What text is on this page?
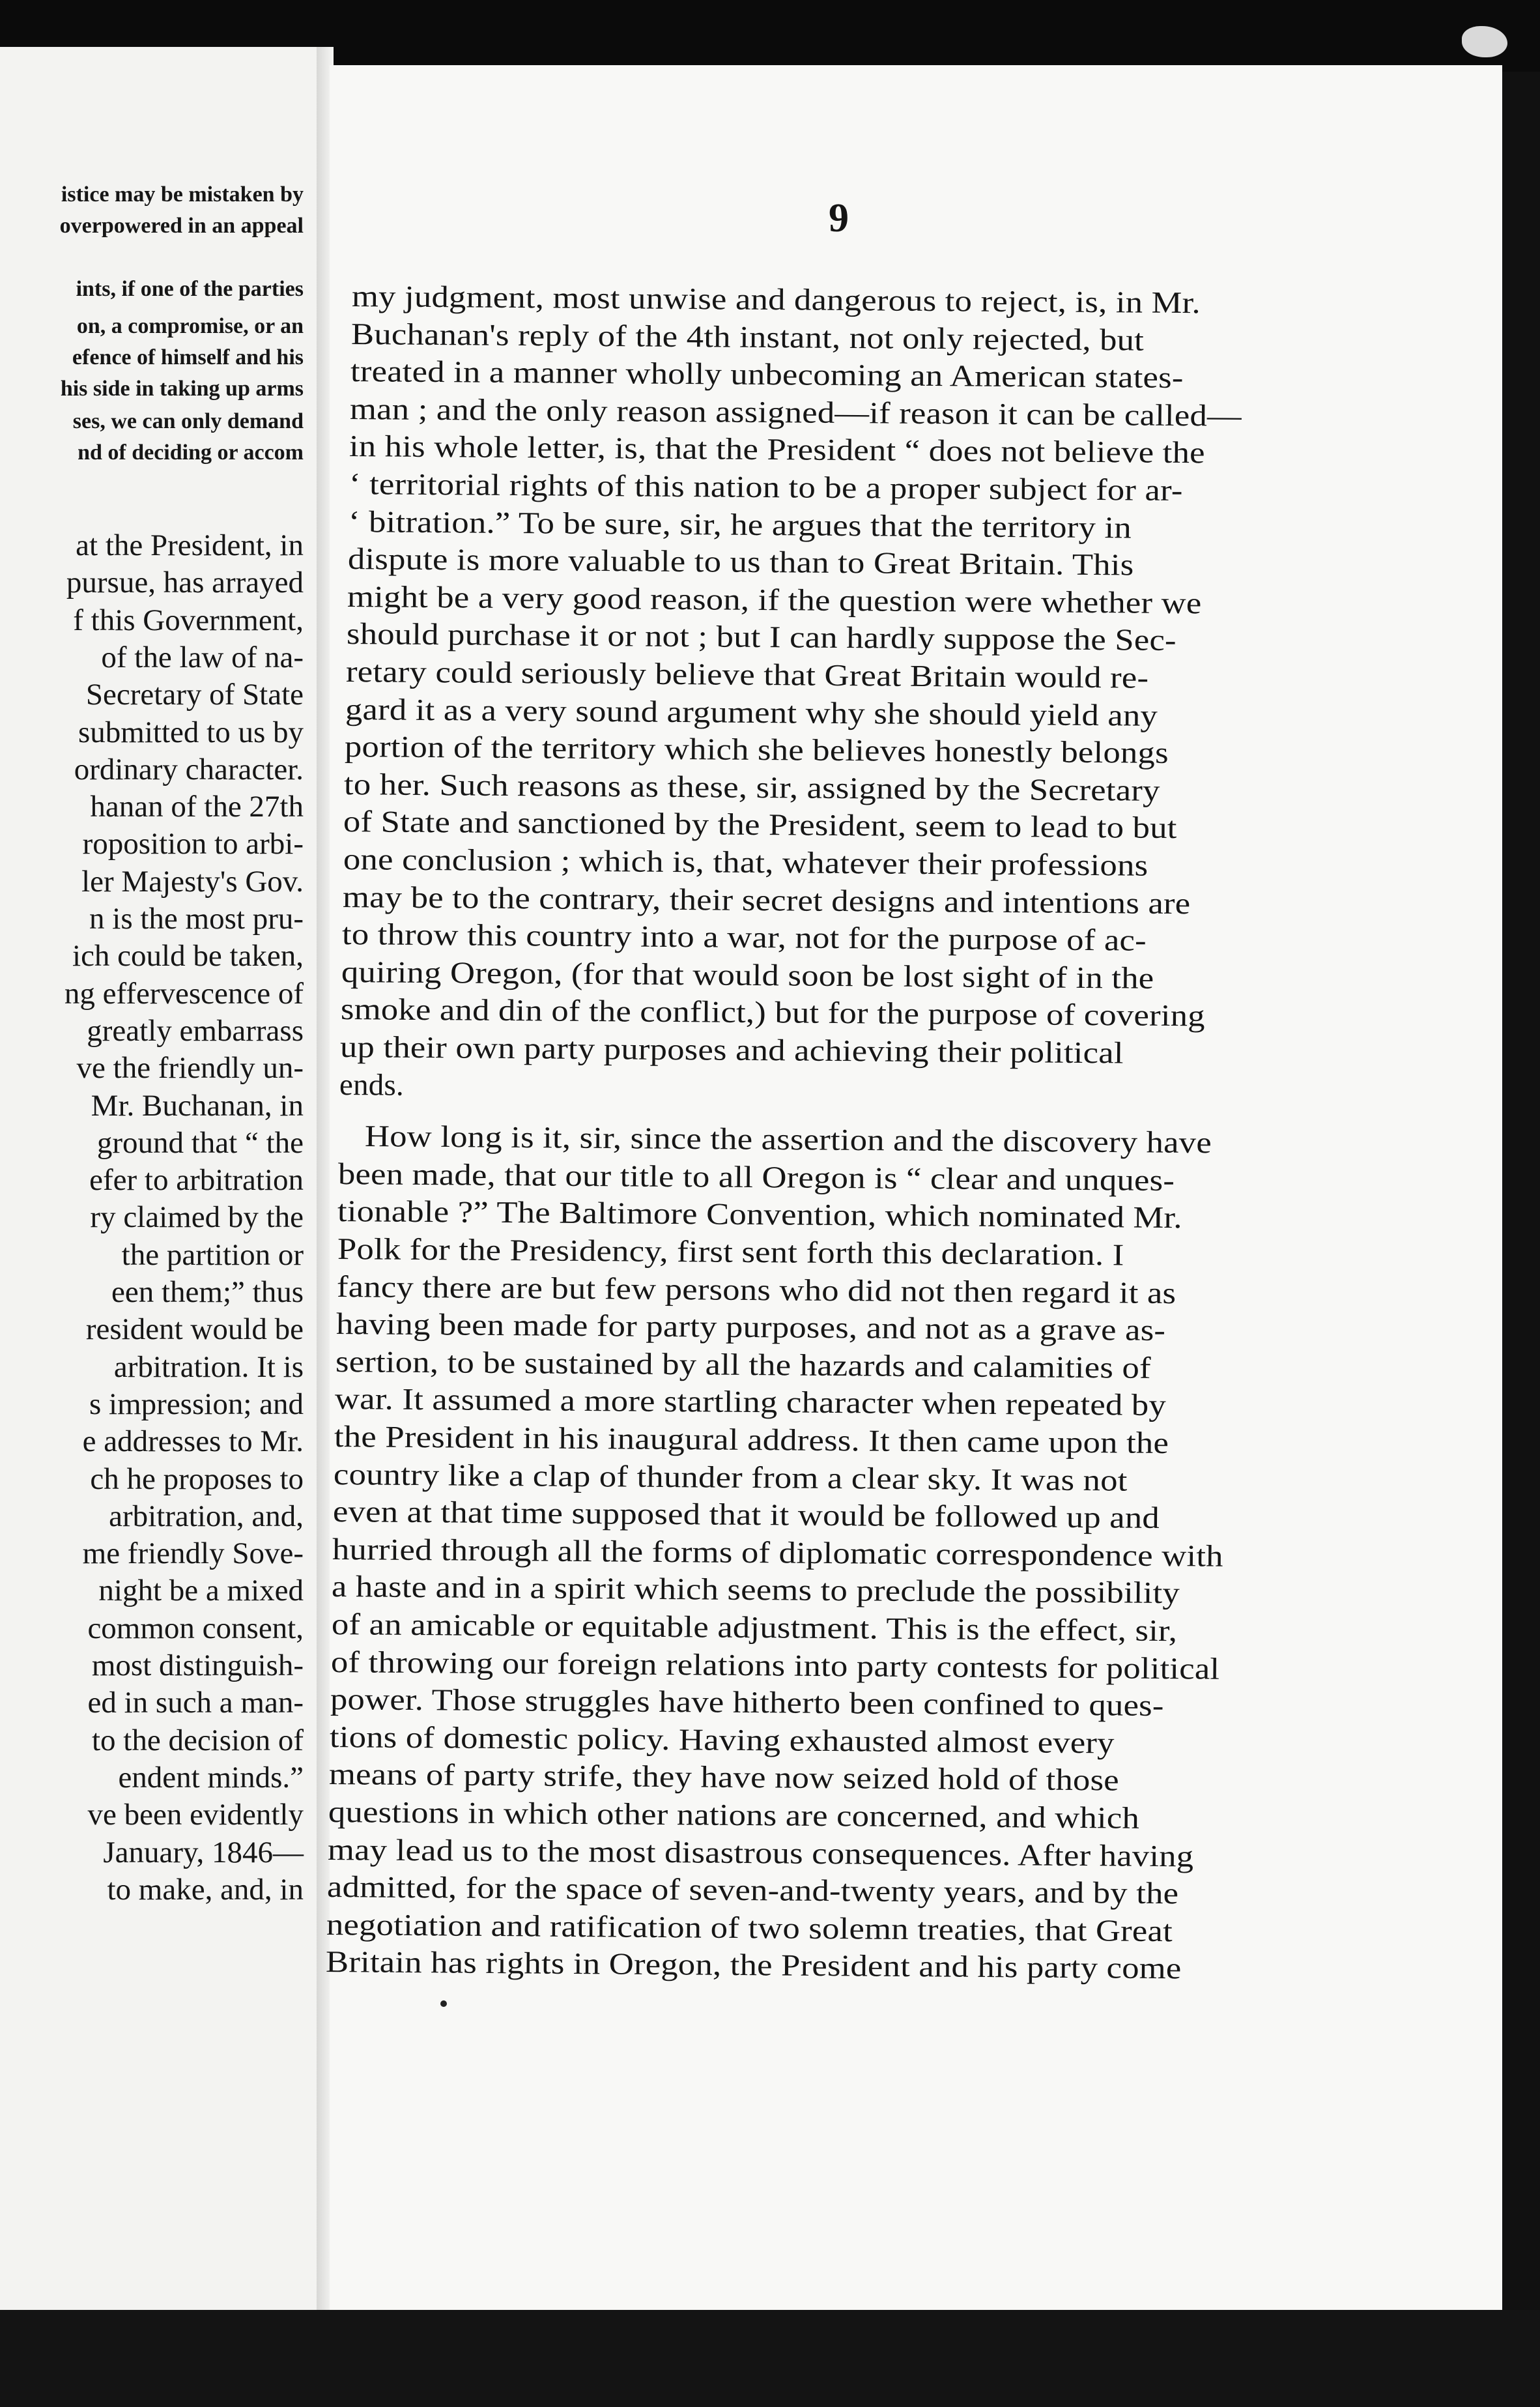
istice may be mistaken by
overpowered in an appeal
ints, if one of the parties
on, a compromise, or an
efence of himself and his
his side in taking up arms
ses, we can only demand
nd of deciding or accom
at the President, in
pursue, has arrayed
f this Government,
of the law of na-
Secretary of State
submitted to us by
ordinary character.
hanan of the 27th
roposition to arbi-
ler Majesty's Gov.
n is the most pru-
ich could be taken,
ng effervescence of
greatly embarrass
ve the friendly un-
Mr. Buchanan, in
ground that “ the
efer to arbitration
ry claimed by the
the partition or
een them;” thus
resident would be
arbitration. It is
s impression; and
e addresses to Mr.
ch he proposes to
arbitration, and,
me friendly Sove-
night be a mixed
common consent,
most distinguish-
ed in such a man-
to the decision of
endent minds.”
ve been evidently
January, 1846—
to make, and, in
9
my judgment, most unwise and dangerous to reject, is, in Mr.
Buchanan's reply of the 4th instant, not only rejected, but
treated in a manner wholly unbecoming an American states-
man ; and the only reason assigned—if reason it can be called—
in his whole letter, is, that the President “ does not believe the
‘ territorial rights of this nation to be a proper subject for ar-
‘ bitration.” To be sure, sir, he argues that the territory in
dispute is more valuable to us than to Great Britain. This
might be a very good reason, if the question were whether we
should purchase it or not ; but I can hardly suppose the Sec-
retary could seriously believe that Great Britain would re-
gard it as a very sound argument why she should yield any
portion of the territory which she believes honestly belongs
to her. Such reasons as these, sir, assigned by the Secretary
of State and sanctioned by the President, seem to lead to but
one conclusion ; which is, that, whatever their professions
may be to the contrary, their secret designs and intentions are
to throw this country into a war, not for the purpose of ac-
quiring Oregon, (for that would soon be lost sight of in the
smoke and din of the conflict,) but for the purpose of covering
up their own party purposes and achieving their political
ends.
How long is it, sir, since the assertion and the discovery have
been made, that our title to all Oregon is “ clear and unques-
tionable ?” The Baltimore Convention, which nominated Mr.
Polk for the Presidency, first sent forth this declaration. I
fancy there are but few persons who did not then regard it as
having been made for party purposes, and not as a grave as-
sertion, to be sustained by all the hazards and calamities of
war. It assumed a more startling character when repeated by
the President in his inaugural address. It then came upon the
country like a clap of thunder from a clear sky. It was not
even at that time supposed that it would be followed up and
hurried through all the forms of diplomatic correspondence with
a haste and in a spirit which seems to preclude the possibility
of an amicable or equitable adjustment. This is the effect, sir,
of throwing our foreign relations into party contests for political
power. Those struggles have hitherto been confined to ques-
tions of domestic policy. Having exhausted almost every
means of party strife, they have now seized hold of those
questions in which other nations are concerned, and which
may lead us to the most disastrous consequences. After having
admitted, for the space of seven-and-twenty years, and by the
negotiation and ratification of two solemn treaties, that Great
Britain has rights in Oregon, the President and his party come
